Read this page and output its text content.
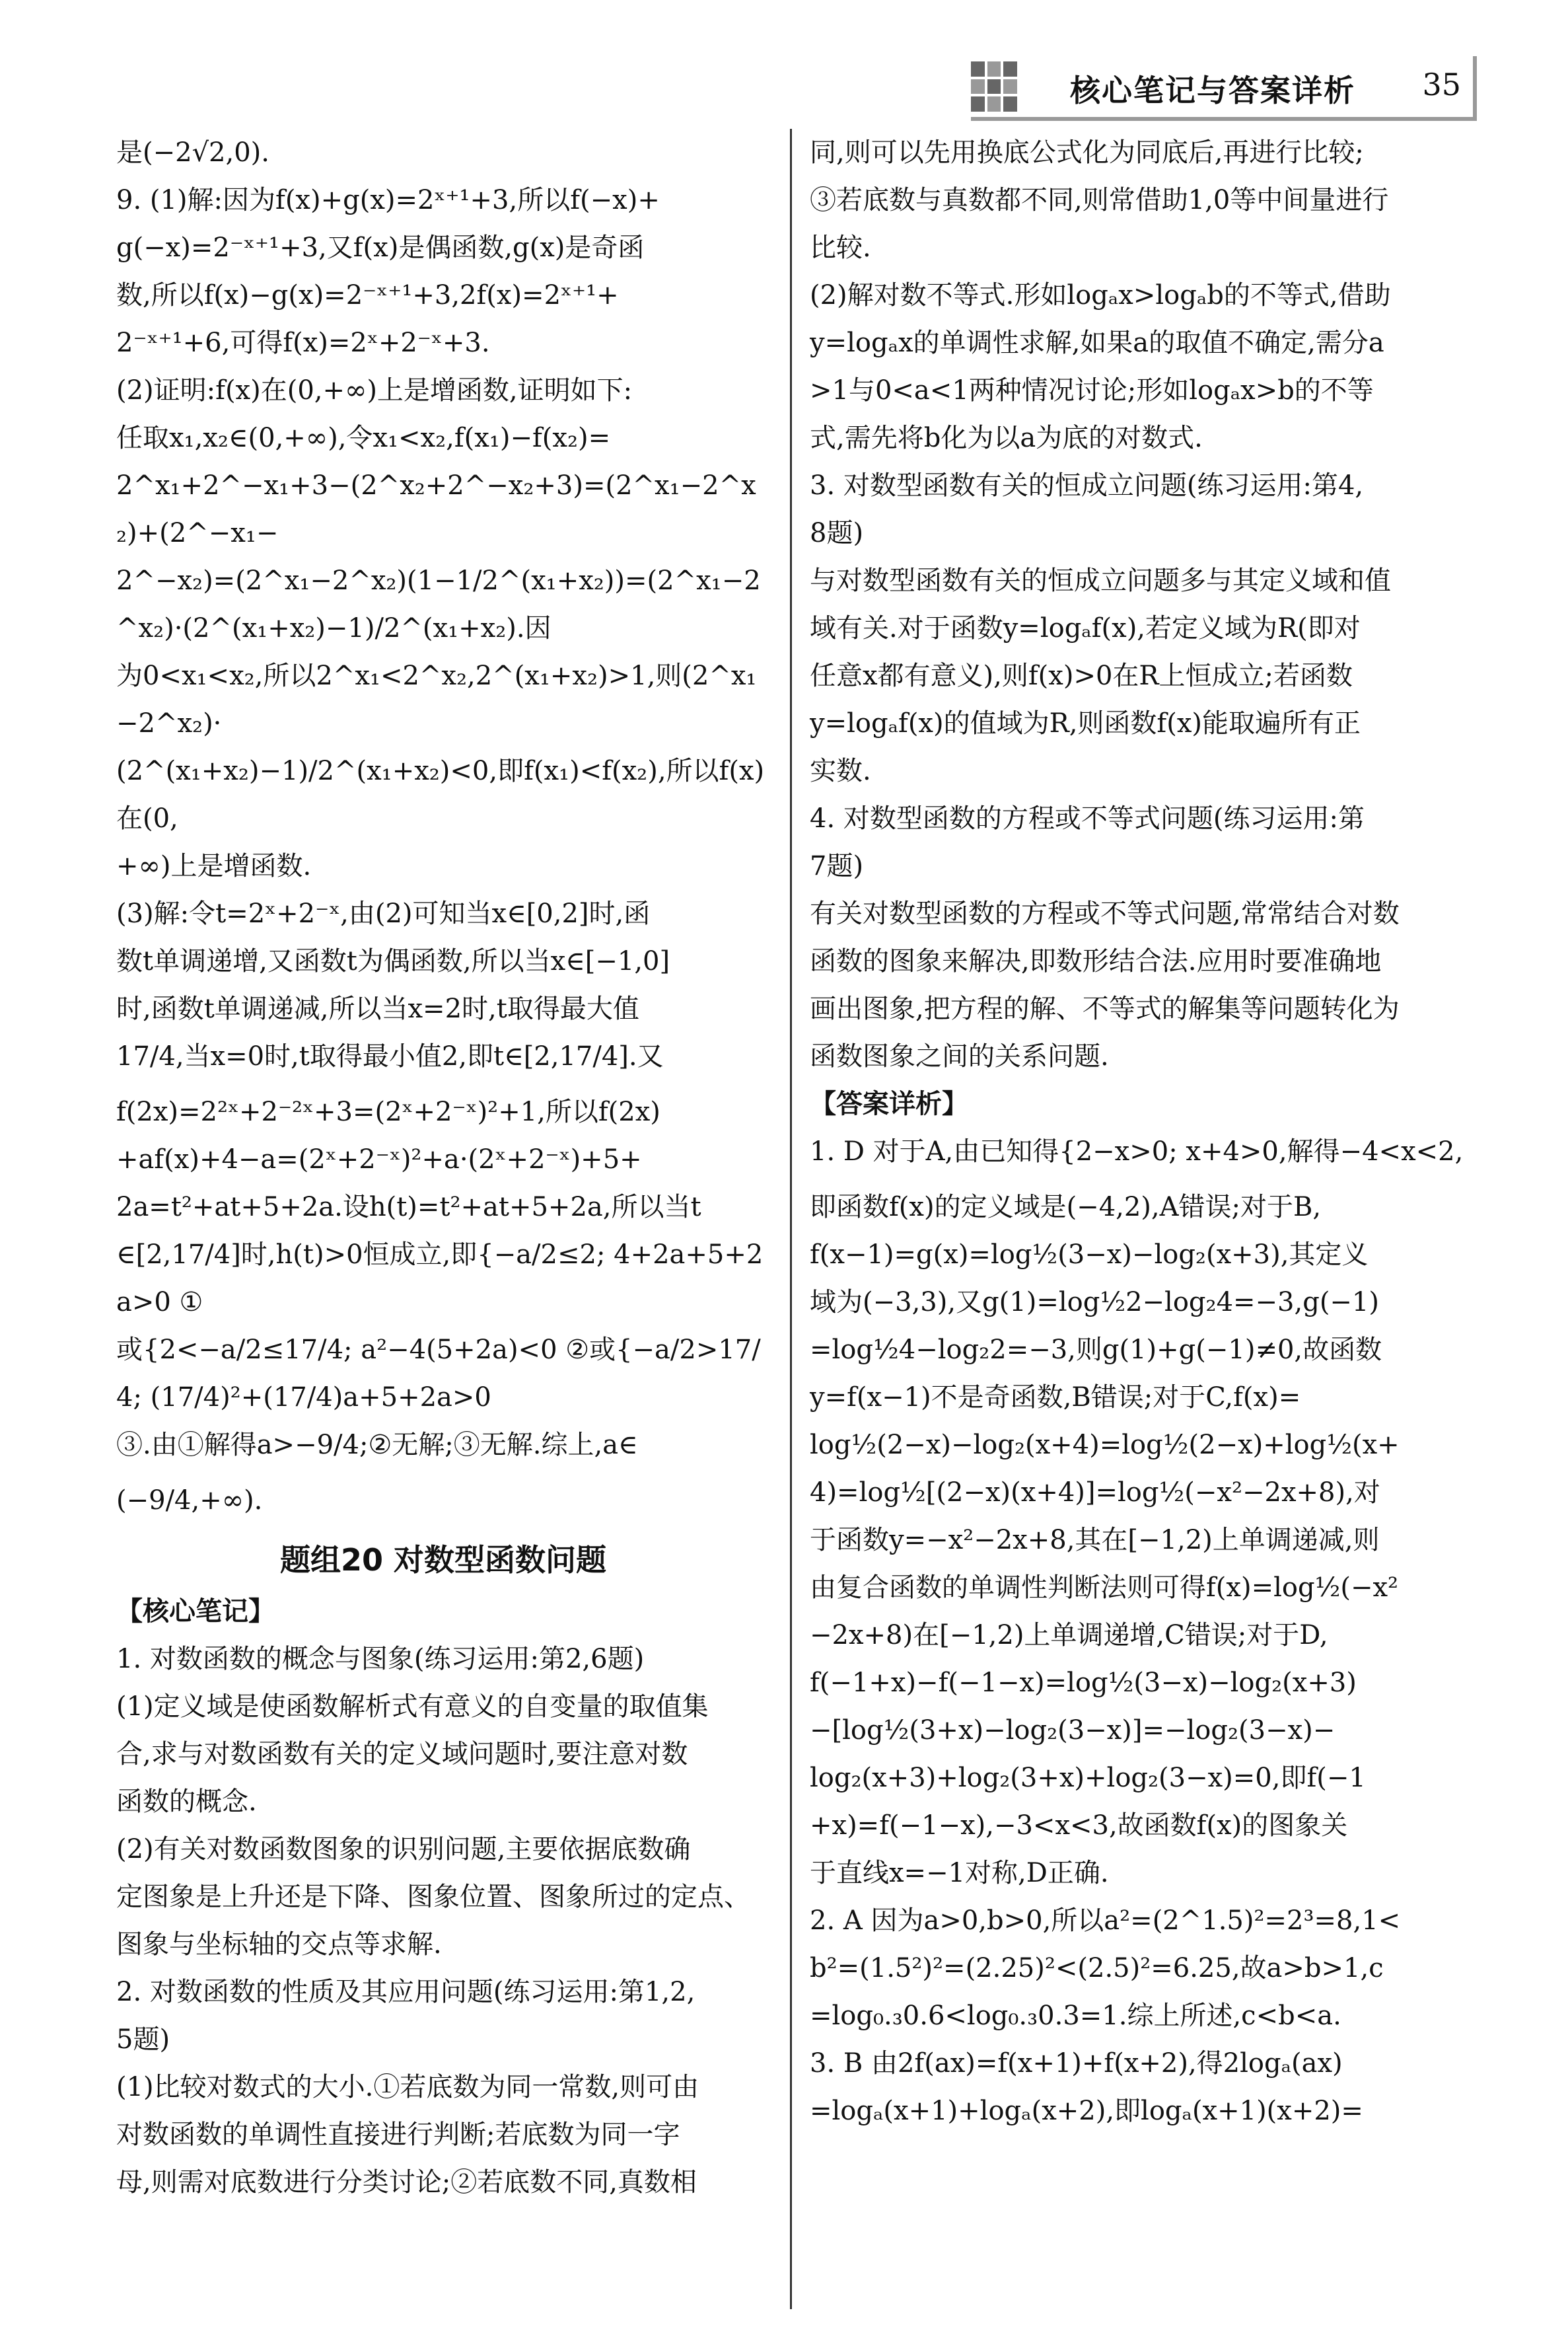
核心笔记与答案详析 35
是(−2√2,0).
9. (1)解:因为f(x)+g(x)=2ˣ⁺¹+3,所以f(−x)+
g(−x)=2⁻ˣ⁺¹+3,又f(x)是偶函数,g(x)是奇函
数,所以f(x)−g(x)=2⁻ˣ⁺¹+3,2f(x)=2ˣ⁺¹+
2⁻ˣ⁺¹+6,可得f(x)=2ˣ+2⁻ˣ+3.
(2)证明:f(x)在(0,+∞)上是增函数,证明如下:
任取x₁,x₂∈(0,+∞),令x₁<x₂,f(x₁)−f(x₂)=
2^x₁+2^−x₁+3−(2^x₂+2^−x₂+3)=(2^x₁−2^x₂)+(2^−x₁−
2^−x₂)=(2^x₁−2^x₂)(1−1/2^(x₁+x₂))=(2^x₁−2^x₂)·(2^(x₁+x₂)−1)/2^(x₁+x₂).因
为0<x₁<x₂,所以2^x₁<2^x₂,2^(x₁+x₂)>1,则(2^x₁−2^x₂)·
(2^(x₁+x₂)−1)/2^(x₁+x₂)<0,即f(x₁)<f(x₂),所以f(x)在(0,
+∞)上是增函数.
(3)解:令t=2ˣ+2⁻ˣ,由(2)可知当x∈[0,2]时,函
数t单调递增,又函数t为偶函数,所以当x∈[−1,0]
时,函数t单调递减,所以当x=2时,t取得最大值
17/4,当x=0时,t取得最小值2,即t∈[2,17/4].又
f(2x)=2²ˣ+2⁻²ˣ+3=(2ˣ+2⁻ˣ)²+1,所以f(2x)
+af(x)+4−a=(2ˣ+2⁻ˣ)²+a·(2ˣ+2⁻ˣ)+5+
2a=t²+at+5+2a.设h(t)=t²+at+5+2a,所以当t
∈[2,17/4]时,h(t)>0恒成立,即{−a/2≤2; 4+2a+5+2a>0 ①
或{2<−a/2≤17/4; a²−4(5+2a)<0 ②或{−a/2>17/4; (17/4)²+(17/4)a+5+2a>0
③.由①解得a>−9/4;②无解;③无解.综上,a∈
(−9/4,+∞).
题组20 对数型函数问题
【核心笔记】
1. 对数函数的概念与图象(练习运用:第2,6题)
(1)定义域是使函数解析式有意义的自变量的取值集
合,求与对数函数有关的定义域问题时,要注意对数
函数的概念.
(2)有关对数函数图象的识别问题,主要依据底数确
定图象是上升还是下降、图象位置、图象所过的定点、
图象与坐标轴的交点等求解.
2. 对数函数的性质及其应用问题(练习运用:第1,2,
5题)
(1)比较对数式的大小.①若底数为同一常数,则可由
对数函数的单调性直接进行判断;若底数为同一字
母,则需对底数进行分类讨论;②若底数不同,真数相
同,则可以先用换底公式化为同底后,再进行比较;
③若底数与真数都不同,则常借助1,0等中间量进行
比较.
(2)解对数不等式.形如logₐx>logₐb的不等式,借助
y=logₐx的单调性求解,如果a的取值不确定,需分a
>1与0<a<1两种情况讨论;形如logₐx>b的不等
式,需先将b化为以a为底的对数式.
3. 对数型函数有关的恒成立问题(练习运用:第4,
8题)
与对数型函数有关的恒成立问题多与其定义域和值
域有关.对于函数y=logₐf(x),若定义域为R(即对
任意x都有意义),则f(x)>0在R上恒成立;若函数
y=logₐf(x)的值域为R,则函数f(x)能取遍所有正
实数.
4. 对数型函数的方程或不等式问题(练习运用:第
7题)
有关对数型函数的方程或不等式问题,常常结合对数
函数的图象来解决,即数形结合法.应用时要准确地
画出图象,把方程的解、不等式的解集等问题转化为
函数图象之间的关系问题.
【答案详析】
1. D 对于A,由已知得{2−x>0; x+4>0,解得−4<x<2,
即函数f(x)的定义域是(−4,2),A错误;对于B,
f(x−1)=g(x)=log½(3−x)−log₂(x+3),其定义
域为(−3,3),又g(1)=log½2−log₂4=−3,g(−1)
=log½4−log₂2=−3,则g(1)+g(−1)≠0,故函数
y=f(x−1)不是奇函数,B错误;对于C,f(x)=
log½(2−x)−log₂(x+4)=log½(2−x)+log½(x+
4)=log½[(2−x)(x+4)]=log½(−x²−2x+8),对
于函数y=−x²−2x+8,其在[−1,2)上单调递减,则
由复合函数的单调性判断法则可得f(x)=log½(−x²
−2x+8)在[−1,2)上单调递增,C错误;对于D,
f(−1+x)−f(−1−x)=log½(3−x)−log₂(x+3)
−[log½(3+x)−log₂(3−x)]=−log₂(3−x)−
log₂(x+3)+log₂(3+x)+log₂(3−x)=0,即f(−1
+x)=f(−1−x),−3<x<3,故函数f(x)的图象关
于直线x=−1对称,D正确.
2. A 因为a>0,b>0,所以a²=(2^1.5)²=2³=8,1<
b²=(1.5²)²=(2.25)²<(2.5)²=6.25,故a>b>1,c
=log₀.₃0.6<log₀.₃0.3=1.综上所述,c<b<a.
3. B 由2f(ax)=f(x+1)+f(x+2),得2logₐ(ax)
=logₐ(x+1)+logₐ(x+2),即logₐ(x+1)(x+2)=
